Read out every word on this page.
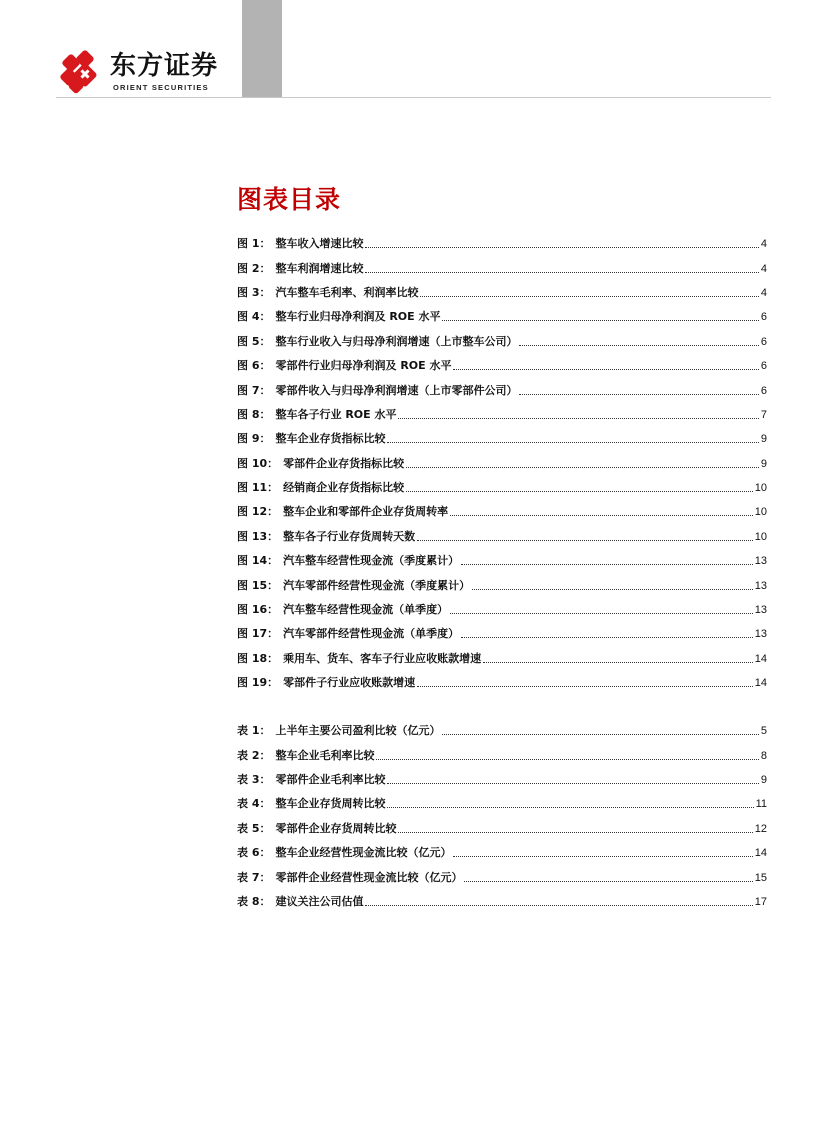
东方证券
ORIENT SECURITIES
图表目录
图 1： 整车收入增速比较	4
图 2： 整车利润增速比较	4
图 3： 汽车整车毛利率、利润率比较	4
图 4： 整车行业归母净利润及 ROE 水平	6
图 5： 整车行业收入与归母净利润增速（上市整车公司）	6
图 6： 零部件行业归母净利润及 ROE 水平	6
图 7： 零部件收入与归母净利润增速（上市零部件公司）	6
图 8： 整车各子行业 ROE 水平	7
图 9： 整车企业存货指标比较	9
图 10： 零部件企业存货指标比较	9
图 11： 经销商企业存货指标比较	10
图 12： 整车企业和零部件企业存货周转率	10
图 13： 整车各子行业存货周转天数	10
图 14： 汽车整车经营性现金流（季度累计）	13
图 15： 汽车零部件经营性现金流（季度累计）	13
图 16： 汽车整车经营性现金流（单季度）	13
图 17： 汽车零部件经营性现金流（单季度）	13
图 18： 乘用车、货车、客车子行业应收账款增速	14
图 19： 零部件子行业应收账款增速	14
表 1： 上半年主要公司盈利比较（亿元）	5
表 2： 整车企业毛利率比较	8
表 3： 零部件企业毛利率比较	9
表 4： 整车企业存货周转比较	11
表 5： 零部件企业存货周转比较	12
表 6： 整车企业经营性现金流比较（亿元）	14
表 7： 零部件企业经营性现金流比较（亿元）	15
表 8： 建议关注公司估值	17
